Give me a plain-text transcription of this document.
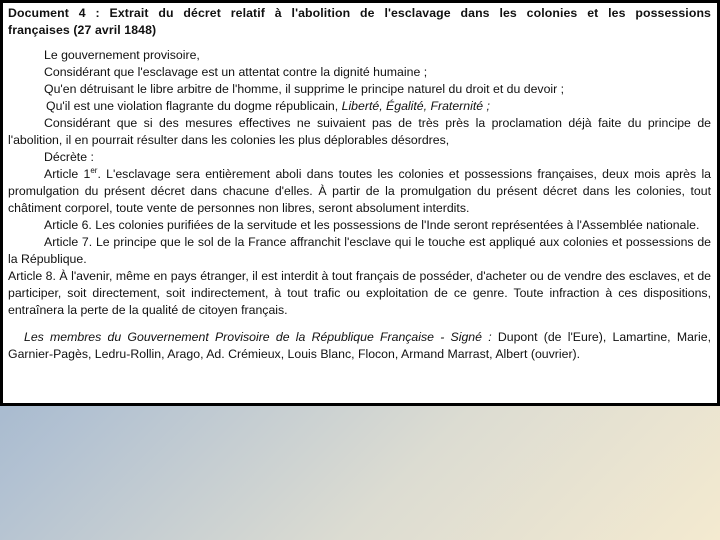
Document 4 : Extrait du décret relatif à l'abolition de l'esclavage dans les colonies et les possessions
françaises (27 avril 1848)

Le gouvernement provisoire,

Considérant que l'esclavage est un attentat contre la dignité humaine ;

Qu'en détruisant le libre arbitre de l'homme, il supprime le principe naturel du droit et du devoir ;

Qu'il est une violation flagrante du dogme républicain, Liberté, Égalité, Fraternité ;

Considérant que si des mesures effectives ne suivaient pas de très près la proclamation déjà faite du principe de l'abolition, il en pourrait résulter dans les colonies les plus déplorables désordres,

Décrète :

Article 1er. L'esclavage sera entièrement aboli dans toutes les colonies et possessions françaises, deux mois après la promulgation du présent décret dans chacune d'elles. À partir de la promulgation du présent décret dans les colonies, tout châtiment corporel, toute vente de personnes non libres, seront absolument interdits.

Article 6. Les colonies purifiées de la servitude et les possessions de l'Inde seront représentées à l'Assemblée nationale.

Article 7. Le principe que le sol de la France affranchit l'esclave qui le touche est appliqué aux colonies et possessions de la République.

Article 8. À l'avenir, même en pays étranger, il est interdit à tout français de posséder, d'acheter ou de vendre des esclaves, et de participer, soit directement, soit indirectement, à tout trafic ou exploitation de ce genre. Toute infraction à ces dispositions, entraînera la perte de la qualité de citoyen français.

Les membres du Gouvernement Provisoire de la République Française - Signé : Dupont (de l'Eure), Lamartine, Marie, Garnier-Pagès, Ledru-Rollin, Arago, Ad. Crémieux, Louis Blanc, Flocon, Armand Marrast, Albert (ouvrier).
